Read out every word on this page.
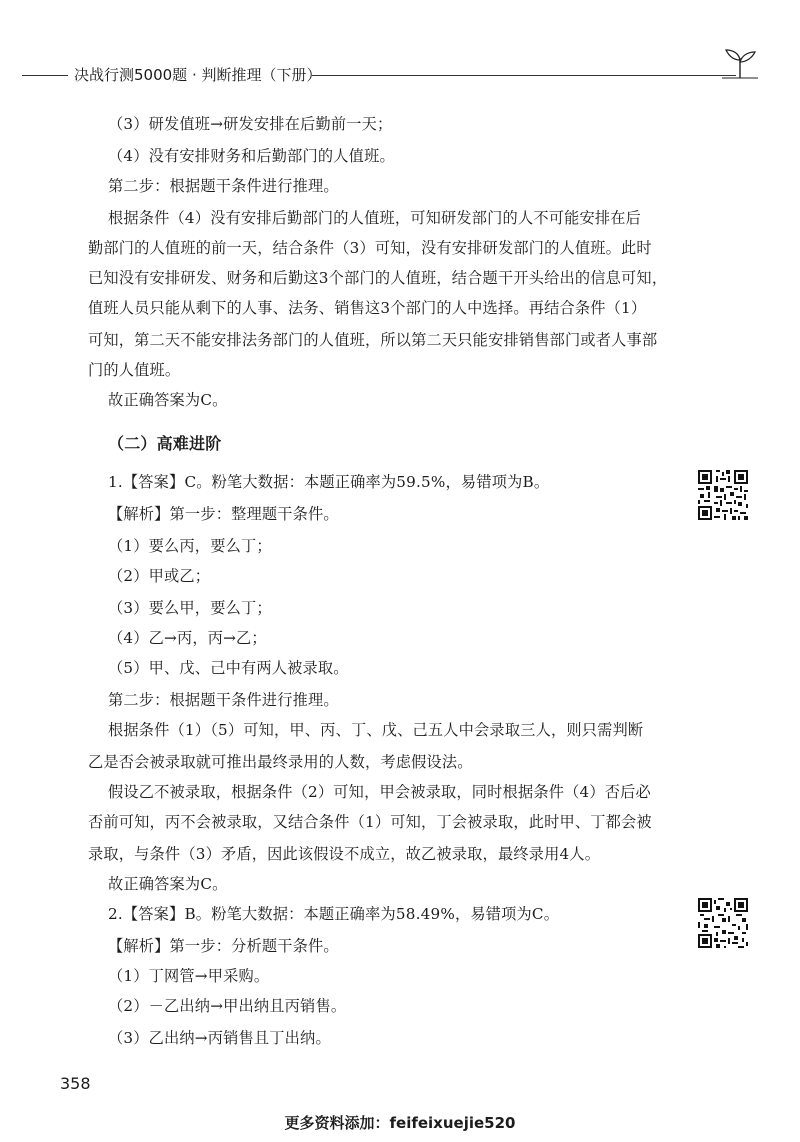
决战行测5000题 · 判断推理（下册）
（3）研发值班→研发安排在后勤前一天；
（4）没有安排财务和后勤部门的人值班。
第二步：根据题干条件进行推理。
根据条件（4）没有安排后勤部门的人值班，可知研发部门的人不可能安排在后
勤部门的人值班的前一天，结合条件（3）可知，没有安排研发部门的人值班。此时
已知没有安排研发、财务和后勤这3个部门的人值班，结合题干开头给出的信息可知，
值班人员只能从剩下的人事、法务、销售这3个部门的人中选择。再结合条件（1）
可知，第二天不能安排法务部门的人值班，所以第二天只能安排销售部门或者人事部
门的人值班。
故正确答案为C。
（二）高难进阶
1.【答案】C。粉笔大数据：本题正确率为59.5%，易错项为B。
【解析】第一步：整理题干条件。
（1）要么丙，要么丁；
（2）甲或乙；
（3）要么甲，要么丁；
（4）乙→丙，丙→乙；
（5）甲、戊、己中有两人被录取。
第二步：根据题干条件进行推理。
根据条件（1）（5）可知，甲、丙、丁、戊、己五人中会录取三人，则只需判断
乙是否会被录取就可推出最终录用的人数，考虑假设法。
假设乙不被录取，根据条件（2）可知，甲会被录取，同时根据条件（4）否后必
否前可知，丙不会被录取，又结合条件（1）可知，丁会被录取，此时甲、丁都会被
录取，与条件（3）矛盾，因此该假设不成立，故乙被录取，最终录用4人。
故正确答案为C。
2.【答案】B。粉笔大数据：本题正确率为58.49%，易错项为C。
【解析】第一步：分析题干条件。
（1）丁网管→甲采购。
（2）－乙出纳→甲出纳且丙销售。
（3）乙出纳→丙销售且丁出纳。
358
更多资料添加：feifeixuejie520
